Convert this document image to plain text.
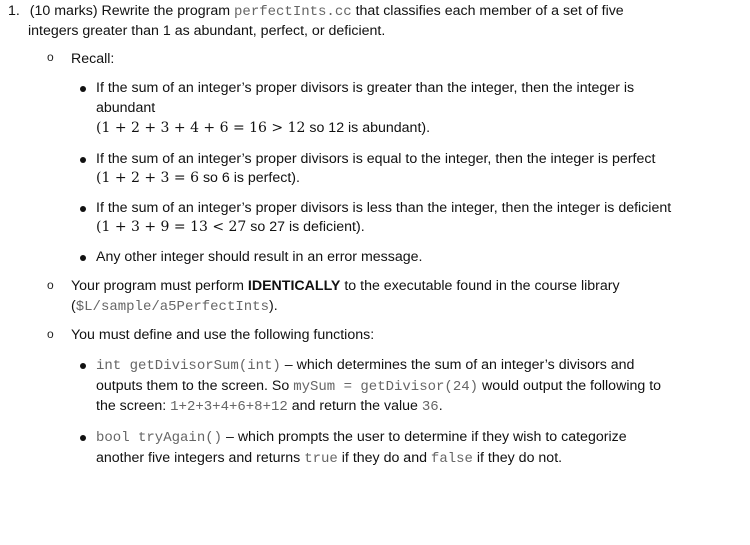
1. (10 marks) Rewrite the program perfectInts.cc that classifies each member of a set of five
integers greater than 1 as abundant, perfect, or deficient.
o Recall:
If the sum of an integer’s proper divisors is greater than the integer, then the integer is
abundant
(1 + 2 + 3 + 4 + 6 = 16 > 12 so 12 is abundant).
If the sum of an integer’s proper divisors is equal to the integer, then the integer is perfect
(1 + 2 + 3 = 6 so 6 is perfect).
If the sum of an integer’s proper divisors is less than the integer, then the integer is deficient
(1 + 3 + 9 = 13 < 27 so 27 is deficient).
Any other integer should result in an error message.
o Your program must perform IDENTICALLY to the executable found in the course library
($L/sample/a5PerfectInts).
o You must define and use the following functions:
int getDivisorSum(int) – which determines the sum of an integer’s divisors and
outputs them to the screen. So mySum = getDivisor(24) would output the following to
the screen: 1+2+3+4+6+8+12 and return the value 36.
bool tryAgain() – which prompts the user to determine if they wish to categorize
another five integers and returns true if they do and false if they do not.
